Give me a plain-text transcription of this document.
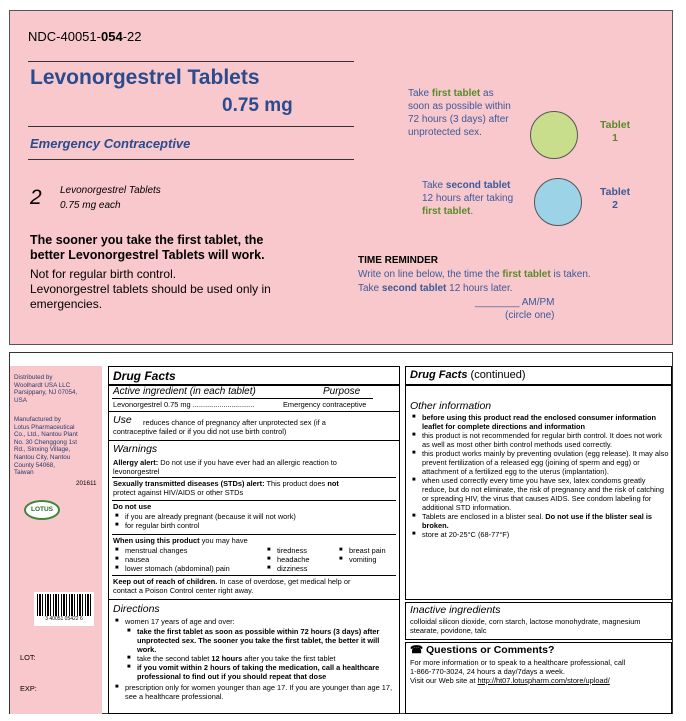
NDC-40051-054-22
Levonorgestrel Tablets
0.75 mg
Emergency Contraceptive
2 Levonorgestrel Tablets
0.75 mg each
The sooner you take the first tablet, the
better Levonorgestrel Tablets will work.
Not for regular birth control.
Levonorgestrel tablets should be used only in
emergencies.
Take first tablet as
soon as possible within
72 hours (3 days) after
unprotected sex.
Tablet
1
Take second tablet
12 hours after taking
first tablet.
Tablet
2
TIME REMINDER
Write on line below, the time the first tablet is taken.
Take second tablet 12 hours later.
________ AM/PM
(circle one)
Distributed by
Woolhardt USA LLC
Parsippany, NJ 07054,
USA
Manufactured by
Lotus Pharmaceutical
Co., Ltd., Nantou Plant
No. 30 Chenggong 1st
Rd., Sinxing Village,
Nantou City, Nantou
County 54068,
Taiwan
201611
LOTUS
3 40051 05422 6
LOT:
EXP:
Drug Facts
Active ingredient (in each tablet)	Purpose
Levonorgestrel 0.75 mg ..............................	Emergency contraceptive
Use reduces chance of pregnancy after unprotected sex (if a
contraceptive failed or if you did not use birth control)
Warnings
Allergy alert: Do not use if you have ever had an allergic reaction to
levonorgestrel
Sexually transmitted diseases (STDs) alert: This product does not
protect against HIV/AIDS or other STDs
Do not use
■ if you are already pregnant (because it will not work)
■ for regular birth control
When using this product you may have
■ menstrual changes
■ nausea
■ lower stomach (abdominal) pain
■ tiredness
■ headache
■ dizziness
■ breast pain
■ vomiting
Keep out of reach of children. In case of overdose, get medical help or
contact a Poison Control center right away.
Directions
■ women 17 years of age and over:
■ take the first tablet as soon as possible within 72 hours (3 days) after unprotected sex. The sooner you take the first tablet, the better it will work.
■ take the second tablet 12 hours after you take the first tablet
■ if you vomit within 2 hours of taking the medication, call a healthcare professional to find out if you should repeat that dose
■ prescription only for women younger than age 17. If you are younger than age 17, see a healthcare professional.
Drug Facts (continued)
Other information
■ before using this product read the enclosed consumer information leaflet for complete directions and information
■ this product is not recommended for regular birth control. It does not work as well as most other birth control methods used correctly.
■ this product works mainly by preventing ovulation (egg release). It may also prevent fertilization of a released egg (joining of sperm and egg) or attachment of a fertilized egg to the uterus (implantation).
■ when used correctly every time you have sex, latex condoms greatly reduce, but do not eliminate, the risk of pregnancy and the risk of catching or spreading HIV, the virus that causes AIDS. See condom labeling for additional STD information.
■ Tablets are enclosed in a blister seal. Do not use if the blister seal is broken.
■ store at 20-25°C (68-77°F)
Inactive ingredients
colloidal silicon dioxide, corn starch, lactose monohydrate, magnesium stearate, povidone, talc
☎ Questions or Comments?
For more information or to speak to a healthcare professional, call
1-866-770-3024, 24 hours a day/7days a week.
Visit our Web site at http://ht07.lotuspharm.com/store/upload/
